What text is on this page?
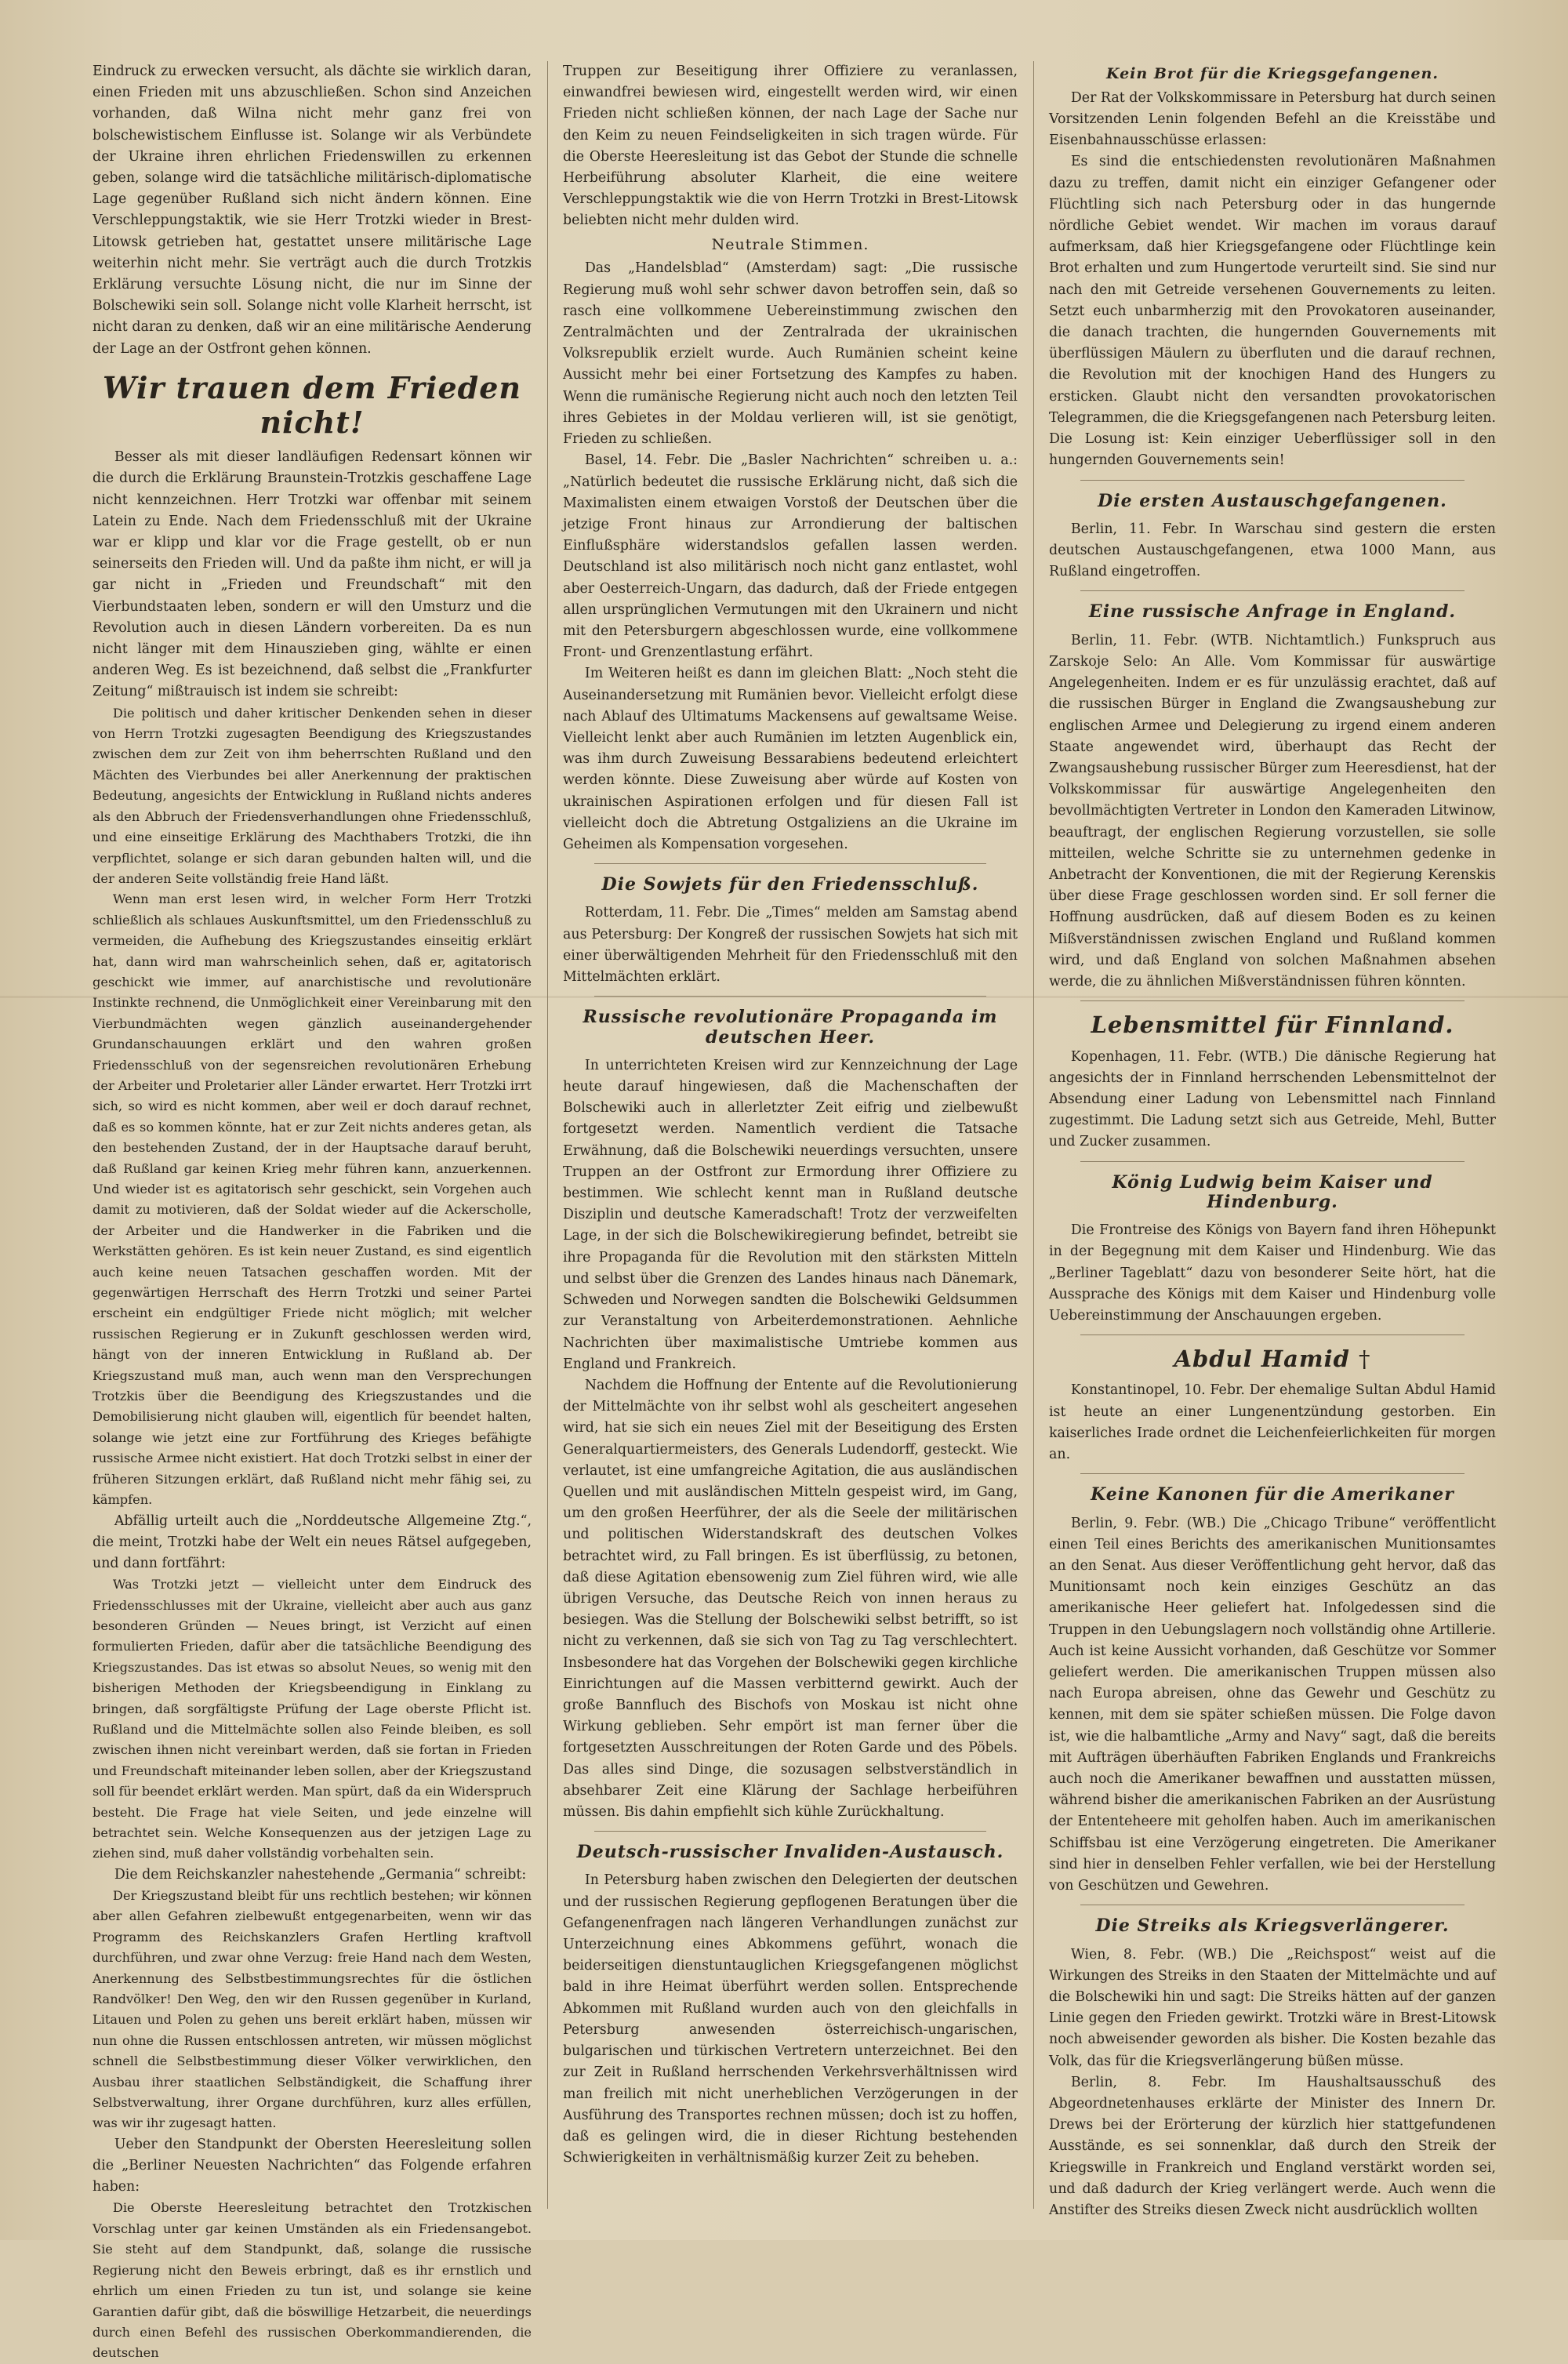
Eindruck zu erwecken versucht, als dächte sie wirklich daran, einen Frieden mit uns abzuschließen. Schon sind Anzeichen vorhanden, daß Wilna nicht mehr ganz frei von bolschewistischem Einflusse ist. Solange wir als Verbündete der Ukraine ihren ehrlichen Friedenswillen zu erkennen geben, solange wird die tatsächliche militärisch-diplomatische Lage gegenüber Rußland sich nicht ändern können. Eine Verschleppungstaktik, wie sie Herr Trotzki wieder in Brest-Litowsk getrieben hat, gestattet unsere militärische Lage weiterhin nicht mehr. Sie verträgt auch die durch Trotzkis Erklärung versuchte Lösung nicht, die nur im Sinne der Bolschewiki sein soll. Solange nicht volle Klarheit herrscht, ist nicht daran zu denken, daß wir an eine militärische Aenderung der Lage an der Ostfront gehen können.

Wir trauen dem Frieden nicht!

Besser als mit dieser landläufigen Redensart können wir die durch die Erklärung Braunstein-Trotzkis geschaffene Lage nicht kennzeichnen. Herr Trotzki war offenbar mit seinem Latein zu Ende. Nach dem Friedensschluß mit der Ukraine war er klipp und klar vor die Frage gestellt, ob er nun seinerseits den Frieden will. Und da paßte ihm nicht, er will ja gar nicht in „Frieden und Freundschaft“ mit den Vierbundstaaten leben, sondern er will den Umsturz und die Revolution auch in diesen Ländern vorbereiten. Da es nun nicht länger mit dem Hinauszieben ging, wählte er einen anderen Weg. Es ist bezeichnend, daß selbst die „Frankfurter Zeitung“ mißtrauisch ist indem sie schreibt:

Die politisch und daher kritischer Denkenden sehen in dieser von Herrn Trotzki zugesagten Beendigung des Kriegszustandes zwischen dem zur Zeit von ihm beherrschten Rußland und den Mächten des Vierbundes bei aller Anerkennung der praktischen Bedeutung, angesichts der Entwicklung in Rußland nichts anderes als den Abbruch der Friedensverhandlungen ohne Friedensschluß, und eine einseitige Erklärung des Machthabers Trotzki, die ihn verpflichtet, solange er sich daran gebunden halten will, und die der anderen Seite vollständig freie Hand läßt.

Wenn man erst lesen wird, in welcher Form Herr Trotzki schließlich als schlaues Auskunftsmittel, um den Friedensschluß zu vermeiden, die Aufhebung des Kriegszustandes einseitig erklärt hat, dann wird man wahrscheinlich sehen, daß er, agitatorisch geschickt wie immer, auf anarchistische und revolutionäre Instinkte rechnend, die Unmöglichkeit einer Vereinbarung mit den Vierbundmächten wegen gänzlich auseinandergehender Grundanschauungen erklärt und den wahren großen Friedensschluß von der segensreichen revolutionären Erhebung der Arbeiter und Proletarier aller Länder erwartet. Herr Trotzki irrt sich, so wird es nicht kommen, aber weil er doch darauf rechnet, daß es so kommen könnte, hat er zur Zeit nichts anderes getan, als den bestehenden Zustand, der in der Hauptsache darauf beruht, daß Rußland gar keinen Krieg mehr führen kann, anzuerkennen. Und wieder ist es agitatorisch sehr geschickt, sein Vorgehen auch damit zu motivieren, daß der Soldat wieder auf die Ackerscholle, der Arbeiter und die Handwerker in die Fabriken und die Werkstätten gehören. Es ist kein neuer Zustand, es sind eigentlich auch keine neuen Tatsachen geschaffen worden. Mit der gegenwärtigen Herrschaft des Herrn Trotzki und seiner Partei erscheint ein endgültiger Friede nicht möglich; mit welcher russischen Regierung er in Zukunft geschlossen werden wird, hängt von der inneren Entwicklung in Rußland ab. Der Kriegszustand muß man, auch wenn man den Versprechungen Trotzkis über die Beendigung des Kriegszustandes und die Demobilisierung nicht glauben will, eigentlich für beendet halten, solange wie jetzt eine zur Fortführung des Krieges befähigte russische Armee nicht existiert. Hat doch Trotzki selbst in einer der früheren Sitzungen erklärt, daß Rußland nicht mehr fähig sei, zu kämpfen.

Abfällig urteilt auch die „Norddeutsche Allgemeine Ztg.“, die meint, Trotzki habe der Welt ein neues Rätsel aufgegeben, und dann fortfährt:

Was Trotzki jetzt — vielleicht unter dem Eindruck des Friedensschlusses mit der Ukraine, vielleicht aber auch aus ganz besonderen Gründen — Neues bringt, ist Verzicht auf einen formulierten Frieden, dafür aber die tatsächliche Beendigung des Kriegszustandes. Das ist etwas so absolut Neues, so wenig mit den bisherigen Methoden der Kriegsbeendigung in Einklang zu bringen, daß sorgfältigste Prüfung der Lage oberste Pflicht ist. Rußland und die Mittelmächte sollen also Feinde bleiben, es soll zwischen ihnen nicht vereinbart werden, daß sie fortan in Frieden und Freundschaft miteinander leben sollen, aber der Kriegszustand soll für beendet erklärt werden. Man spürt, daß da ein Widerspruch besteht. Die Frage hat viele Seiten, und jede einzelne will betrachtet sein. Welche Konsequenzen aus der jetzigen Lage zu ziehen sind, muß daher vollständig vorbehalten sein.

Die dem Reichskanzler nahestehende „Germania“ schreibt:

Der Kriegszustand bleibt für uns rechtlich bestehen; wir können aber allen Gefahren zielbewußt entgegenarbeiten, wenn wir das Programm des Reichskanzlers Grafen Hertling kraftvoll durchführen, und zwar ohne Verzug: freie Hand nach dem Westen, Anerkennung des Selbstbestimmungsrechtes für die östlichen Randvölker! Den Weg, den wir den Russen gegenüber in Kurland, Litauen und Polen zu gehen uns bereit erklärt haben, müssen wir nun ohne die Russen entschlossen antreten, wir müssen möglichst schnell die Selbstbestimmung dieser Völker verwirklichen, den Ausbau ihrer staatlichen Selbständigkeit, die Schaffung ihrer Selbstverwaltung, ihrer Organe durchführen, kurz alles erfüllen, was wir ihr zugesagt hatten.

Ueber den Standpunkt der Obersten Heeresleitung sollen die „Berliner Neuesten Nachrichten“ das Folgende erfahren haben:

Die Oberste Heeresleitung betrachtet den Trotzkischen Vorschlag unter gar keinen Umständen als ein Friedensangebot. Sie steht auf dem Standpunkt, daß, solange die russische Regierung nicht den Beweis erbringt, daß es ihr ernstlich und ehrlich um einen Frieden zu tun ist, und solange sie keine Garantien dafür gibt, daß die böswillige Hetzarbeit, die neuerdings durch einen Befehl des russischen Oberkommandierenden, die deutschen

Truppen zur Beseitigung ihrer Offiziere zu veranlassen, einwandfrei bewiesen wird, eingestellt werden wird, wir einen Frieden nicht schließen können, der nach Lage der Sache nur den Keim zu neuen Feindseligkeiten in sich tragen würde. Für die Oberste Heeresleitung ist das Gebot der Stunde die schnelle Herbeiführung absoluter Klarheit, die eine weitere Verschleppungstaktik wie die von Herrn Trotzki in Brest-Litowsk beliebten nicht mehr dulden wird.

Neutrale Stimmen.

Das „Handelsblad“ (Amsterdam) sagt: „Die russische Regierung muß wohl sehr schwer davon betroffen sein, daß so rasch eine vollkommene Uebereinstimmung zwischen den Zentralmächten und der Zentralrada der ukrainischen Volksrepublik erzielt wurde. Auch Rumänien scheint keine Aussicht mehr bei einer Fortsetzung des Kampfes zu haben. Wenn die rumänische Regierung nicht auch noch den letzten Teil ihres Gebietes in der Moldau verlieren will, ist sie genötigt, Frieden zu schließen.

Basel, 14. Febr. Die „Basler Nachrichten“ schreiben u. a.: „Natürlich bedeutet die russische Erklärung nicht, daß sich die Maximalisten einem etwaigen Vorstoß der Deutschen über die jetzige Front hinaus zur Arrondierung der baltischen Einflußsphäre widerstandslos gefallen lassen werden. Deutschland ist also militärisch noch nicht ganz entlastet, wohl aber Oesterreich-Ungarn, das dadurch, daß der Friede entgegen allen ursprünglichen Vermutungen mit den Ukrainern und nicht mit den Petersburgern abgeschlossen wurde, eine vollkommene Front- und Grenzentlastung erfährt.

Im Weiteren heißt es dann im gleichen Blatt: „Noch steht die Auseinandersetzung mit Rumänien bevor. Vielleicht erfolgt diese nach Ablauf des Ultimatums Mackensens auf gewaltsame Weise. Vielleicht lenkt aber auch Rumänien im letzten Augenblick ein, was ihm durch Zuweisung Bessarabiens bedeutend erleichtert werden könnte. Diese Zuweisung aber würde auf Kosten von ukrainischen Aspirationen erfolgen und für diesen Fall ist vielleicht doch die Abtretung Ostgaliziens an die Ukraine im Geheimen als Kompensation vorgesehen.

Die Sowjets für den Friedensschluß.

Rotterdam, 11. Febr. Die „Times“ melden am Samstag abend aus Petersburg: Der Kongreß der russischen Sowjets hat sich mit einer überwältigenden Mehrheit für den Friedensschluß mit den Mittelmächten erklärt.

Russische revolutionäre Propaganda im deutschen Heer.

In unterrichteten Kreisen wird zur Kennzeichnung der Lage heute darauf hingewiesen, daß die Machenschaften der Bolschewiki auch in allerletzter Zeit eifrig und zielbewußt fortgesetzt werden. Namentlich verdient die Tatsache Erwähnung, daß die Bolschewiki neuerdings versuchten, unsere Truppen an der Ostfront zur Ermordung ihrer Offiziere zu bestimmen. Wie schlecht kennt man in Rußland deutsche Disziplin und deutsche Kameradschaft! Trotz der verzweifelten Lage, in der sich die Bolschewikiregierung befindet, betreibt sie ihre Propaganda für die Revolution mit den stärksten Mitteln und selbst über die Grenzen des Landes hinaus nach Dänemark, Schweden und Norwegen sandten die Bolschewiki Geldsummen zur Veranstaltung von Arbeiterdemonstrationen. Aehnliche Nachrichten über maximalistische Umtriebe kommen aus England und Frankreich.

Nachdem die Hoffnung der Entente auf die Revolutionierung der Mittelmächte von ihr selbst wohl als gescheitert angesehen wird, hat sie sich ein neues Ziel mit der Beseitigung des Ersten Generalquartiermeisters, des Generals Ludendorff, gesteckt. Wie verlautet, ist eine umfangreiche Agitation, die aus ausländischen Quellen und mit ausländischen Mitteln gespeist wird, im Gang, um den großen Heerführer, der als die Seele der militärischen und politischen Widerstandskraft des deutschen Volkes betrachtet wird, zu Fall bringen. Es ist überflüssig, zu betonen, daß diese Agitation ebensowenig zum Ziel führen wird, wie alle übrigen Versuche, das Deutsche Reich von innen heraus zu besiegen. Was die Stellung der Bolschewiki selbst betrifft, so ist nicht zu verkennen, daß sie sich von Tag zu Tag verschlechtert. Insbesondere hat das Vorgehen der Bolschewiki gegen kirchliche Einrichtungen auf die Massen verbitternd gewirkt. Auch der große Bannfluch des Bischofs von Moskau ist nicht ohne Wirkung geblieben. Sehr empört ist man ferner über die fortgesetzten Ausschreitungen der Roten Garde und des Pöbels. Das alles sind Dinge, die sozusagen selbstverständlich in absehbarer Zeit eine Klärung der Sachlage herbeiführen müssen. Bis dahin empfiehlt sich kühle Zurückhaltung.

Deutsch-russischer Invaliden-Austausch.

In Petersburg haben zwischen den Delegierten der deutschen und der russischen Regierung gepflogenen Beratungen über die Gefangenenfragen nach längeren Verhandlungen zunächst zur Unterzeichnung eines Abkommens geführt, wonach die beiderseitigen dienstuntauglichen Kriegsgefangenen möglichst bald in ihre Heimat überführt werden sollen. Entsprechende Abkommen mit Rußland wurden auch von den gleichfalls in Petersburg anwesenden österreichisch-ungarischen, bulgarischen und türkischen Vertretern unterzeichnet. Bei den zur Zeit in Rußland herrschenden Verkehrsverhältnissen wird man freilich mit nicht unerheblichen Verzögerungen in der Ausführung des Transportes rechnen müssen; doch ist zu hoffen, daß es gelingen wird, die in dieser Richtung bestehenden Schwierigkeiten in verhältnismäßig kurzer Zeit zu beheben.

Kein Brot für die Kriegsgefangenen.

Der Rat der Volkskommissare in Petersburg hat durch seinen Vorsitzenden Lenin folgenden Befehl an die Kreisstäbe und Eisenbahnausschüsse erlassen:

Es sind die entschiedensten revolutionären Maßnahmen dazu zu treffen, damit nicht ein einziger Gefangener oder Flüchtling sich nach Petersburg oder in das hungernde nördliche Gebiet wendet. Wir machen im voraus darauf aufmerksam, daß hier Kriegsgefangene oder Flüchtlinge kein Brot erhalten und zum Hungertode verurteilt sind. Sie sind nur nach den mit Getreide versehenen Gouvernements zu leiten. Setzt euch unbarmherzig mit den Provokatoren auseinander, die danach trachten, die hungernden Gouvernements mit überflüssigen Mäulern zu überfluten und die darauf rechnen, die Revolution mit der knochigen Hand des Hungers zu ersticken. Glaubt nicht den versandten provokatorischen Telegrammen, die die Kriegsgefangenen nach Petersburg leiten. Die Losung ist: Kein einziger Ueberflüssiger soll in den hungernden Gouvernements sein!

Die ersten Austauschgefangenen.

Berlin, 11. Febr. In Warschau sind gestern die ersten deutschen Austauschgefangenen, etwa 1000 Mann, aus Rußland eingetroffen.

Eine russische Anfrage in England.

Berlin, 11. Febr. (WTB. Nichtamtlich.) Funkspruch aus Zarskoje Selo: An Alle. Vom Kommissar für auswärtige Angelegenheiten. Indem er es für unzulässig erachtet, daß auf die russischen Bürger in England die Zwangsaushebung zur englischen Armee und Delegierung zu irgend einem anderen Staate angewendet wird, überhaupt das Recht der Zwangsaushebung russischer Bürger zum Heeresdienst, hat der Volkskommissar für auswärtige Angelegenheiten den bevollmächtigten Vertreter in London den Kameraden Litwinow, beauftragt, der englischen Regierung vorzustellen, sie solle mitteilen, welche Schritte sie zu unternehmen gedenke in Anbetracht der Konventionen, die mit der Regierung Kerenskis über diese Frage geschlossen worden sind. Er soll ferner die Hoffnung ausdrücken, daß auf diesem Boden es zu keinen Mißverständnissen zwischen England und Rußland kommen wird, und daß England von solchen Maßnahmen absehen werde, die zu ähnlichen Mißverständnissen führen könnten.

Lebensmittel für Finnland.

Kopenhagen, 11. Febr. (WTB.) Die dänische Regierung hat angesichts der in Finnland herrschenden Lebensmittelnot der Absendung einer Ladung von Lebensmittel nach Finnland zugestimmt. Die Ladung setzt sich aus Getreide, Mehl, Butter und Zucker zusammen.

König Ludwig beim Kaiser und Hindenburg.

Die Frontreise des Königs von Bayern fand ihren Höhepunkt in der Begegnung mit dem Kaiser und Hindenburg. Wie das „Berliner Tageblatt“ dazu von besonderer Seite hört, hat die Aussprache des Königs mit dem Kaiser und Hindenburg volle Uebereinstimmung der Anschauungen ergeben.

Abdul Hamid †

Konstantinopel, 10. Febr. Der ehemalige Sultan Abdul Hamid ist heute an einer Lungenentzündung gestorben. Ein kaiserliches Irade ordnet die Leichenfeierlichkeiten für morgen an.

Keine Kanonen für die Amerikaner

Berlin, 9. Febr. (WB.) Die „Chicago Tribune“ veröffentlicht einen Teil eines Berichts des amerikanischen Munitionsamtes an den Senat. Aus dieser Veröffentlichung geht hervor, daß das Munitionsamt noch kein einziges Geschütz an das amerikanische Heer geliefert hat. Infolgedessen sind die Truppen in den Uebungslagern noch vollständig ohne Artillerie. Auch ist keine Aussicht vorhanden, daß Geschütze vor Sommer geliefert werden. Die amerikanischen Truppen müssen also nach Europa abreisen, ohne das Gewehr und Geschütz zu kennen, mit dem sie später schießen müssen. Die Folge davon ist, wie die halbamtliche „Army and Navy“ sagt, daß die bereits mit Aufträgen überhäuften Fabriken Englands und Frankreichs auch noch die Amerikaner bewaffnen und ausstatten müssen, während bisher die amerikanischen Fabriken an der Ausrüstung der Ententeheere mit geholfen haben. Auch im amerikanischen Schiffsbau ist eine Verzögerung eingetreten. Die Amerikaner sind hier in denselben Fehler verfallen, wie bei der Herstellung von Geschützen und Gewehren.

Die Streiks als Kriegsverlängerer.

Wien, 8. Febr. (WB.) Die „Reichspost“ weist auf die Wirkungen des Streiks in den Staaten der Mittelmächte und auf die Bolschewiki hin und sagt: Die Streiks hätten auf der ganzen Linie gegen den Frieden gewirkt. Trotzki wäre in Brest-Litowsk noch abweisender geworden als bisher. Die Kosten bezahle das Volk, das für die Kriegsverlängerung büßen müsse.

Berlin, 8. Febr. Im Haushaltsausschuß des Abgeordnetenhauses erklärte der Minister des Innern Dr. Drews bei der Erörterung der kürzlich hier stattgefundenen Ausstände, es sei sonnenklar, daß durch den Streik der Kriegswille in Frankreich und England verstärkt worden sei, und daß dadurch der Krieg verlängert werde. Auch wenn die Anstifter des Streiks diesen Zweck nicht ausdrücklich wollten
